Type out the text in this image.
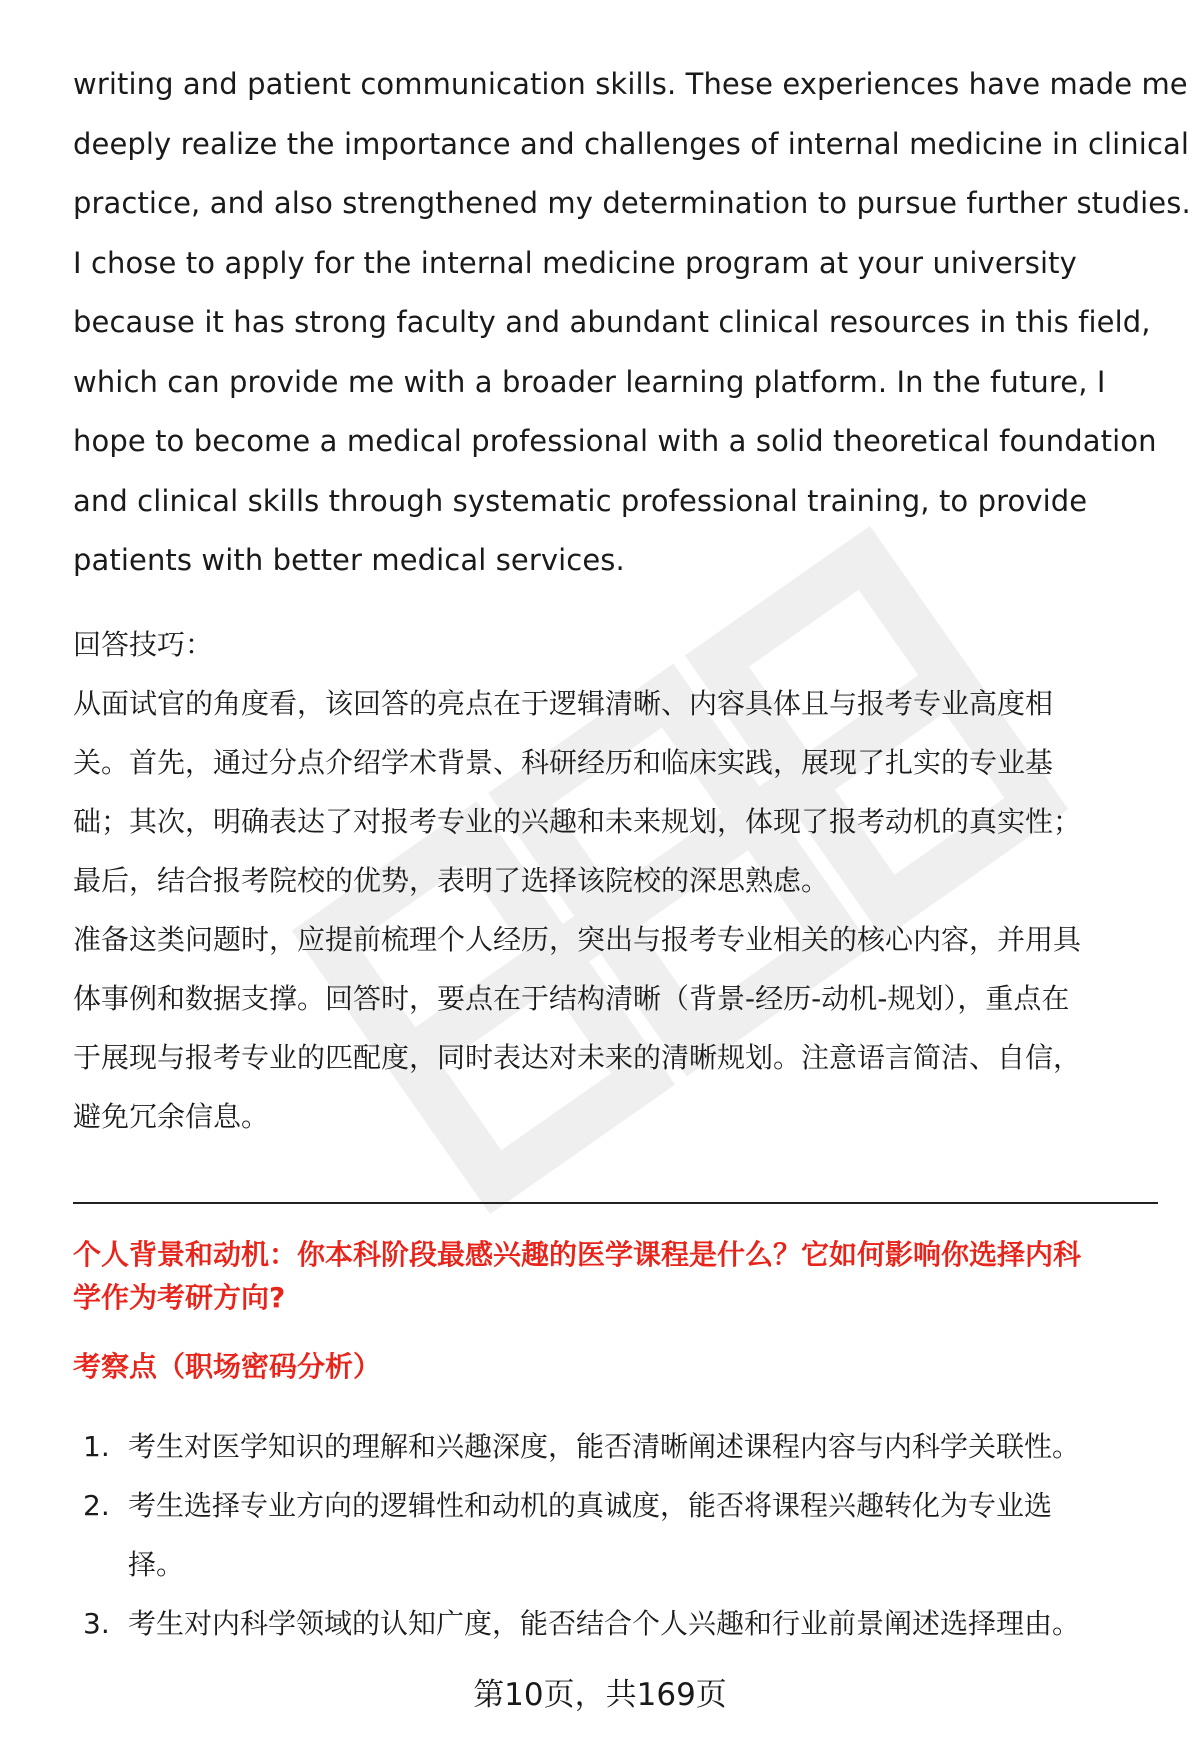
writing and patient communication skills. These experiences have made me
deeply realize the importance and challenges of internal medicine in clinical
practice, and also strengthened my determination to pursue further studies.
I chose to apply for the internal medicine program at your university
because it has strong faculty and abundant clinical resources in this field,
which can provide me with a broader learning platform. In the future, I
hope to become a medical professional with a solid theoretical foundation
and clinical skills through systematic professional training, to provide
patients with better medical services.

回答技巧：

从面试官的角度看，该回答的亮点在于逻辑清晰、内容具体且与报考专业高度相
关。首先，通过分点介绍学术背景、科研经历和临床实践，展现了扎实的专业基
础；其次，明确表达了对报考专业的兴趣和未来规划，体现了报考动机的真实性；
最后，结合报考院校的优势，表明了选择该院校的深思熟虑。

准备这类问题时，应提前梳理个人经历，突出与报考专业相关的核心内容，并用具
体事例和数据支撑。回答时，要点在于结构清晰（背景-经历-动机-规划），重点在
于展现与报考专业的匹配度，同时表达对未来的清晰规划。注意语言简洁、自信，
避免冗余信息。

个人背景和动机：你本科阶段最感兴趣的医学课程是什么？它如何影响你选择内科
学作为考研方向?
考察点（职场密码分析）
1. 考生对医学知识的理解和兴趣深度，能否清晰阐述课程内容与内科学关联性。
2. 考生选择专业方向的逻辑性和动机的真诚度，能否将课程兴趣转化为专业选
择。
3. 考生对内科学领域的认知广度，能否结合个人兴趣和行业前景阐述选择理由。
第10页，共169页
